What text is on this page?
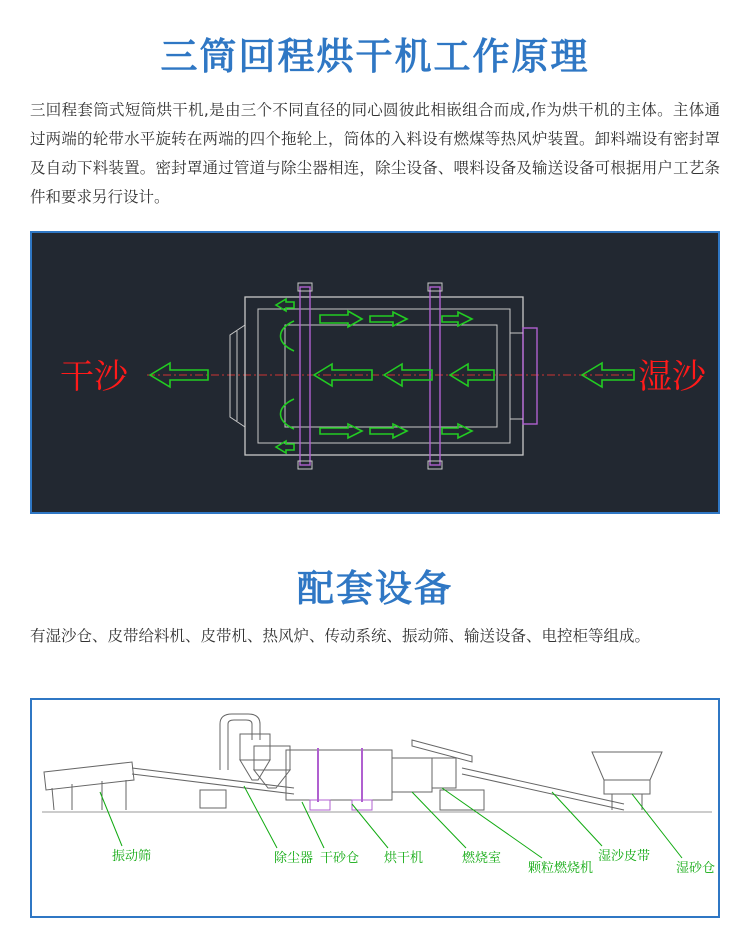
三筒回程烘干机工作原理
三回程套筒式短筒烘干机,是由三个不同直径的同心圆彼此相嵌组合而成,作为烘干机的主体。主体通过两端的轮带水平旋转在两端的四个拖轮上，筒体的入料设有燃煤等热风炉装置。卸料端设有密封罩及自动下料装置。密封罩通过管道与除尘器相连，除尘设备、喂料设备及输送设备可根据用户工艺条件和要求另行设计。
干沙	湿沙
配套设备
有湿沙仓、皮带给料机、皮带机、热风炉、传动系统、振动筛、输送设备、电控柜等组成。
振动筛	除尘器 干砂仓 烘干机	燃烧室
颗粒燃烧机
湿沙皮带
湿砂仓
